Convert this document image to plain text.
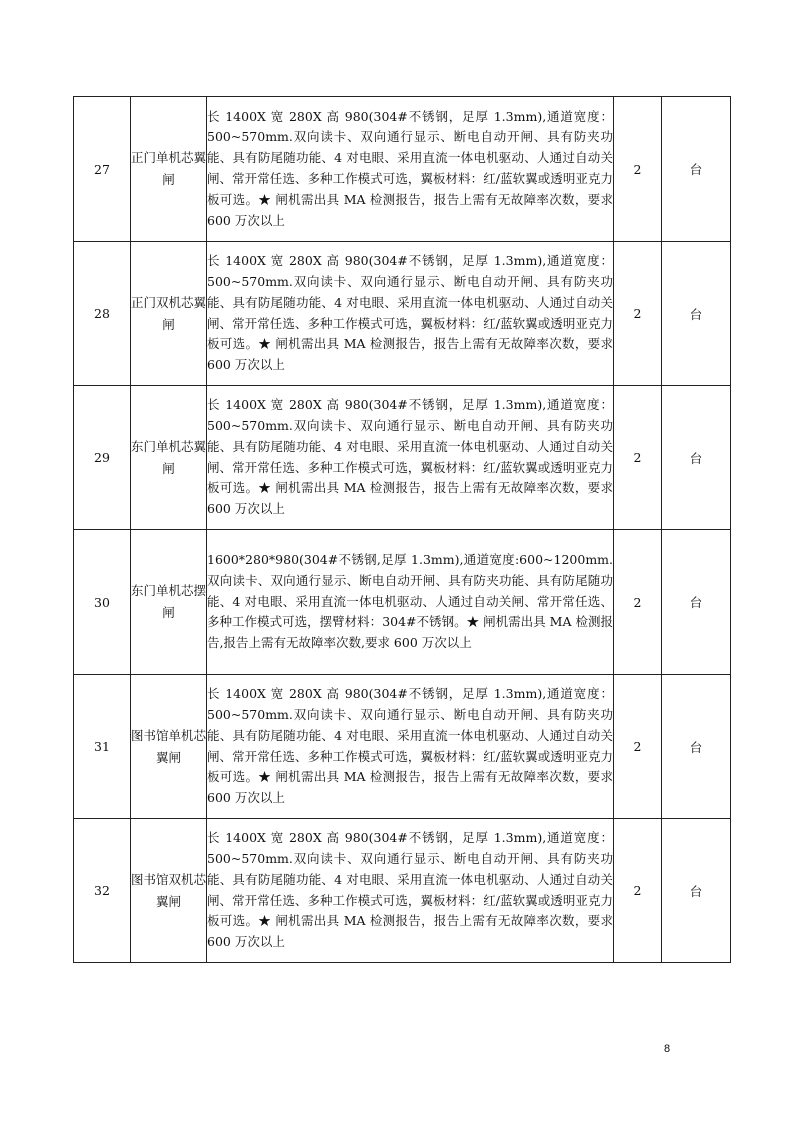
27	正门单机芯翼闸	长 1400X 宽 280X 高 980(304#不锈钢，足厚 1.3mm),通道宽度：500~570mm.双向读卡、双向通行显示、断电自动开闸、具有防夹功能、具有防尾随功能、4 对电眼、采用直流一体电机驱动、人通过自动关闸、常开常任选、多种工作模式可选，翼板材料：红/蓝软翼或透明亚克力板可选。★ 闸机需出具 MA 检测报告，报告上需有无故障率次数，要求 600 万次以上	2	台
28	正门双机芯翼闸	长 1400X 宽 280X 高 980(304#不锈钢，足厚 1.3mm),通道宽度：500~570mm.双向读卡、双向通行显示、断电自动开闸、具有防夹功能、具有防尾随功能、4 对电眼、采用直流一体电机驱动、人通过自动关闸、常开常任选、多种工作模式可选，翼板材料：红/蓝软翼或透明亚克力板可选。★ 闸机需出具 MA 检测报告，报告上需有无故障率次数，要求 600 万次以上	2	台
29	东门单机芯翼闸	长 1400X 宽 280X 高 980(304#不锈钢，足厚 1.3mm),通道宽度：500~570mm.双向读卡、双向通行显示、断电自动开闸、具有防夹功能、具有防尾随功能、4 对电眼、采用直流一体电机驱动、人通过自动关闸、常开常任选、多种工作模式可选，翼板材料：红/蓝软翼或透明亚克力板可选。★ 闸机需出具 MA 检测报告，报告上需有无故障率次数，要求 600 万次以上	2	台
30	东门单机芯摆闸	1600*280*980(304#不锈钢,足厚 1.3mm),通道宽度:600~1200mm.双向读卡、双向通行显示、断电自动开闸、具有防夹功能、具有防尾随功能、4 对电眼、采用直流一体电机驱动、人通过自动关闸、常开常任选、多种工作模式可选，摆臂材料：304#不锈钢。★ 闸机需出具 MA 检测报告,报告上需有无故障率次数,要求 600 万次以上	2	台
31	图书馆单机芯翼闸	长 1400X 宽 280X 高 980(304#不锈钢，足厚 1.3mm),通道宽度：500~570mm.双向读卡、双向通行显示、断电自动开闸、具有防夹功能、具有防尾随功能、4 对电眼、采用直流一体电机驱动、人通过自动关闸、常开常任选、多种工作模式可选，翼板材料：红/蓝软翼或透明亚克力板可选。★ 闸机需出具 MA 检测报告，报告上需有无故障率次数，要求 600 万次以上	2	台
32	图书馆双机芯翼闸	长 1400X 宽 280X 高 980(304#不锈钢，足厚 1.3mm),通道宽度：500~570mm.双向读卡、双向通行显示、断电自动开闸、具有防夹功能、具有防尾随功能、4 对电眼、采用直流一体电机驱动、人通过自动关闸、常开常任选、多种工作模式可选，翼板材料：红/蓝软翼或透明亚克力板可选。★ 闸机需出具 MA 检测报告，报告上需有无故障率次数，要求 600 万次以上	2	台
8
